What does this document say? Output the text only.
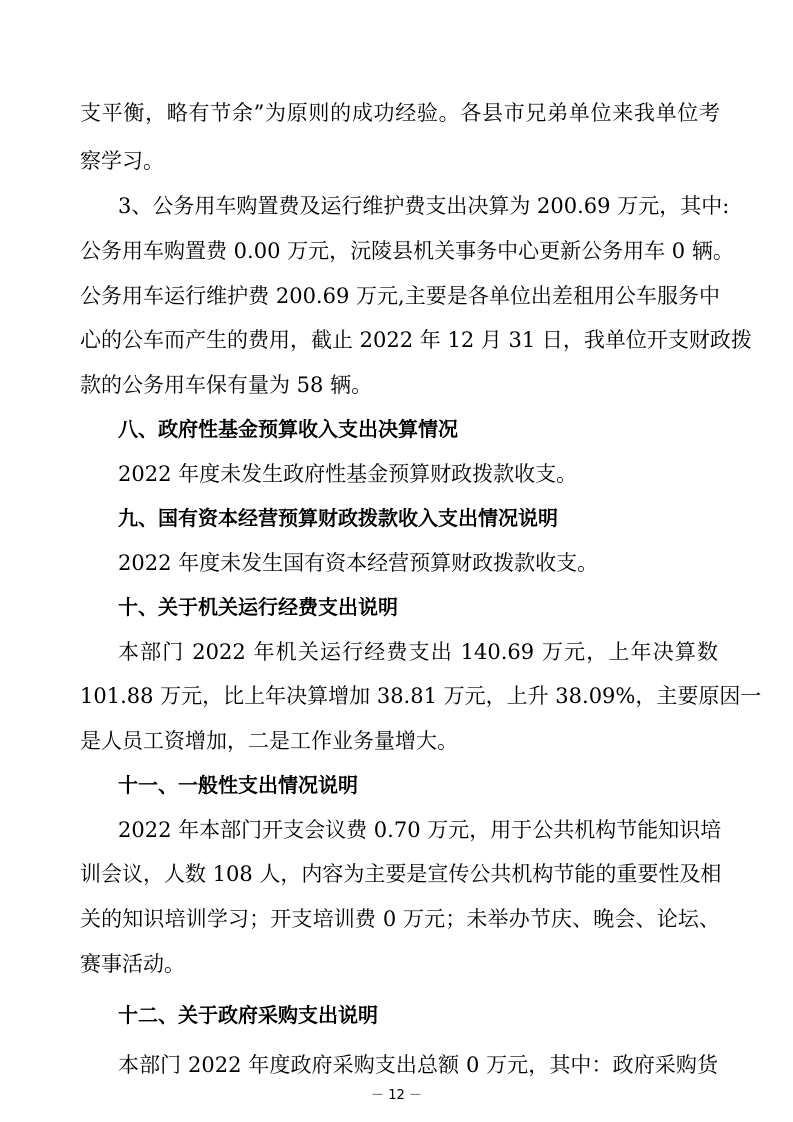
支平衡，略有节余”为原则的成功经验。各县市兄弟单位来我单位考
察学习。
3、公务用车购置费及运行维护费支出决算为 200.69 万元，其中:
公务用车购置费 0.00 万元，沅陵县机关事务中心更新公务用车 0 辆。
公务用车运行维护费 200.69 万元,主要是各单位出差租用公车服务中
心的公车而产生的费用，截止 2022 年 12 月 31 日，我单位开支财政拨
款的公务用车保有量为 58 辆。
八、政府性基金预算收入支出决算情况
2022 年度未发生政府性基金预算财政拨款收支。
九、国有资本经营预算财政拨款收入支出情况说明
2022 年度未发生国有资本经营预算财政拨款收支。
十、关于机关运行经费支出说明
本部门 2022 年机关运行经费支出 140.69 万元，上年决算数
101.88 万元，比上年决算增加 38.81 万元，上升 38.09%，主要原因一
是人员工资增加，二是工作业务量增大。
十一、一般性支出情况说明
2022 年本部门开支会议费 0.70 万元，用于公共机构节能知识培
训会议，人数 108 人，内容为主要是宣传公共机构节能的重要性及相
关的知识培训学习；开支培训费 0 万元；未举办节庆、晚会、论坛、
赛事活动。
十二、关于政府采购支出说明
本部门 2022 年度政府采购支出总额 0 万元，其中：政府采购货
－ 12 －
